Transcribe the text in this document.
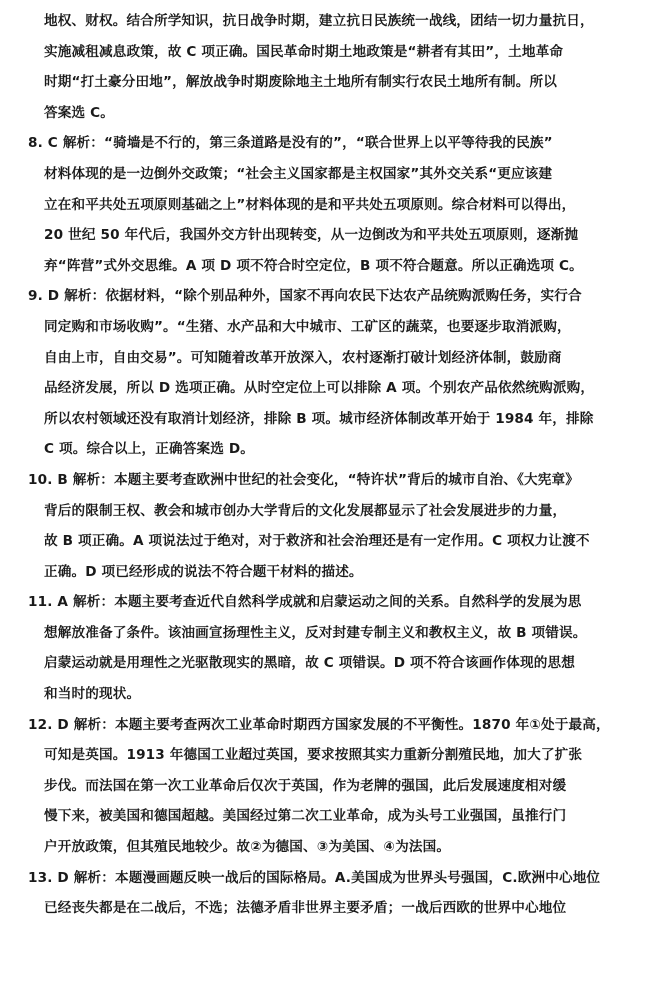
地权、财权。结合所学知识，抗日战争时期，建立抗日民族统一战线，团结一切力量抗日，
实施减租减息政策，故 C 项正确。国民革命时期土地政策是“耕者有其田”，土地革命
时期“打土豪分田地”，解放战争时期废除地主土地所有制实行农民土地所有制。所以
答案选 C。
8. C 解析：“骑墙是不行的，第三条道路是没有的”，“联合世界上以平等待我的民族”
材料体现的是一边倒外交政策；“社会主义国家都是主权国家”其外交关系“更应该建
立在和平共处五项原则基础之上”材料体现的是和平共处五项原则。综合材料可以得出，
20 世纪 50 年代后，我国外交方针出现转变，从一边倒改为和平共处五项原则，逐渐抛
弃“阵营”式外交思维。A 项 D 项不符合时空定位，B 项不符合题意。所以正确选项 C。
9. D 解析：依据材料，“除个别品种外，国家不再向农民下达农产品统购派购任务，实行合
同定购和市场收购”。“生猪、水产品和大中城市、工矿区的蔬菜，也要逐步取消派购，
自由上市，自由交易”。可知随着改革开放深入，农村逐渐打破计划经济体制，鼓励商
品经济发展，所以 D 选项正确。从时空定位上可以排除 A 项。个别农产品依然统购派购，
所以农村领域还没有取消计划经济，排除 B 项。城市经济体制改革开始于 1984 年，排除
C 项。综合以上，正确答案选 D。
10. B 解析：本题主要考查欧洲中世纪的社会变化，“特许状”背后的城市自治、《大宪章》
背后的限制王权、教会和城市创办大学背后的文化发展都显示了社会发展进步的力量，
故 B 项正确。A 项说法过于绝对，对于救济和社会治理还是有一定作用。C 项权力让渡不
正确。D 项已经形成的说法不符合题干材料的描述。
11. A 解析：本题主要考查近代自然科学成就和启蒙运动之间的关系。自然科学的发展为思
想解放准备了条件。该油画宣扬理性主义，反对封建专制主义和教权主义，故 B 项错误。
启蒙运动就是用理性之光驱散现实的黑暗，故 C 项错误。D 项不符合该画作体现的思想
和当时的现状。
12. D 解析：本题主要考查两次工业革命时期西方国家发展的不平衡性。1870 年①处于最高，
可知是英国。1913 年德国工业超过英国，要求按照其实力重新分割殖民地，加大了扩张
步伐。而法国在第一次工业革命后仅次于英国，作为老牌的强国，此后发展速度相对缓
慢下来，被美国和德国超越。美国经过第二次工业革命，成为头号工业强国，虽推行门
户开放政策，但其殖民地较少。故②为德国、③为美国、④为法国。
13. D 解析：本题漫画题反映一战后的国际格局。A.美国成为世界头号强国，C.欧洲中心地位
已经丧失都是在二战后，不选；法德矛盾非世界主要矛盾；一战后西欧的世界中心地位
